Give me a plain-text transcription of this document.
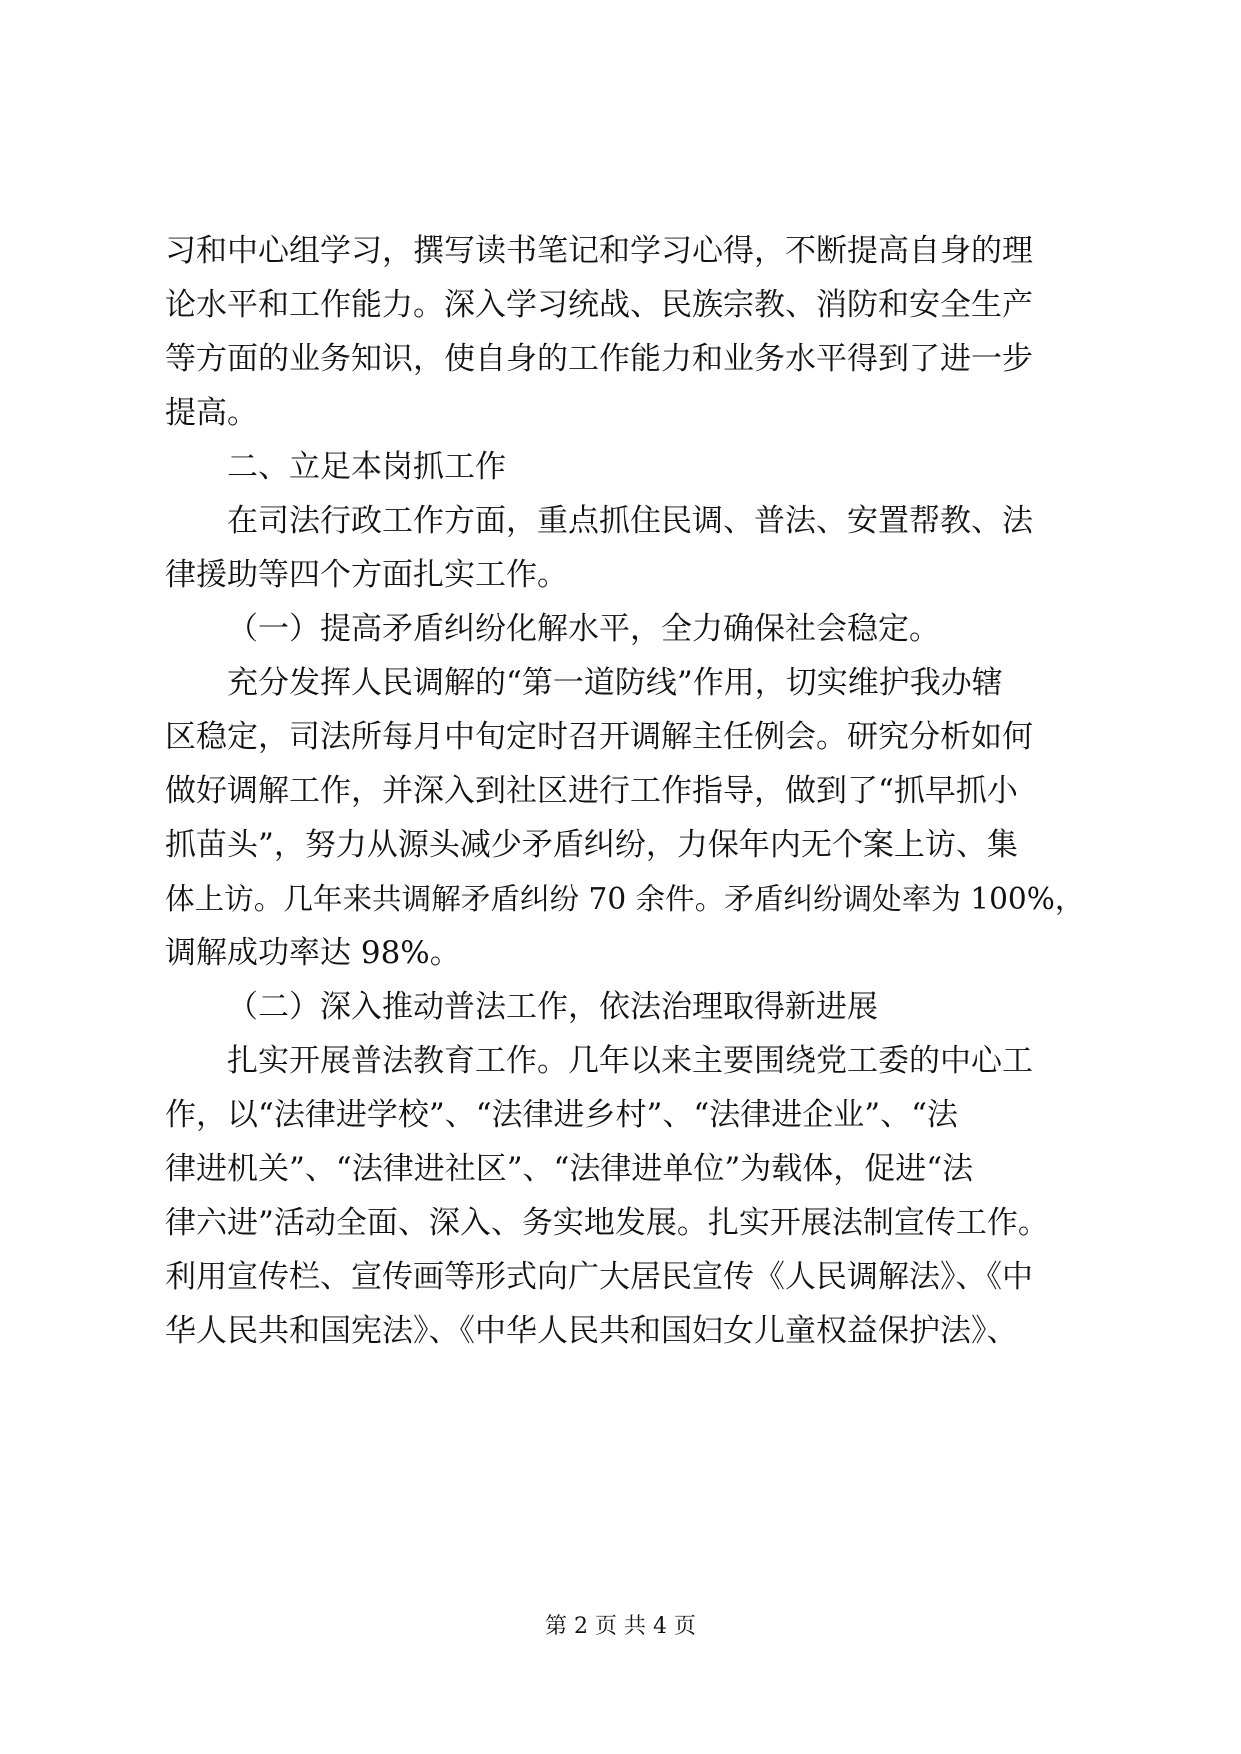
习和中心组学习，撰写读书笔记和学习心得，不断提高自身的理
论水平和工作能力。深入学习统战、民族宗教、消防和安全生产
等方面的业务知识，使自身的工作能力和业务水平得到了进一步
提高。
二、立足本岗抓工作
在司法行政工作方面，重点抓住民调、普法、安置帮教、法
律援助等四个方面扎实工作。
（一）提高矛盾纠纷化解水平，全力确保社会稳定。
充分发挥人民调解的“第一道防线”作用，切实维护我办辖
区稳定，司法所每月中旬定时召开调解主任例会。研究分析如何
做好调解工作，并深入到社区进行工作指导，做到了“抓早抓小
抓苗头”，努力从源头减少矛盾纠纷，力保年内无个案上访、集
体上访。几年来共调解矛盾纠纷 70 余件。矛盾纠纷调处率为 100%，
调解成功率达 98%。
（二）深入推动普法工作，依法治理取得新进展
扎实开展普法教育工作。几年以来主要围绕党工委的中心工
作，以“法律进学校”、“法律进乡村”、“法律进企业”、“法
律进机关”、“法律进社区”、“法律进单位”为载体，促进“法
律六进”活动全面、深入、务实地发展。扎实开展法制宣传工作。
利用宣传栏、宣传画等形式向广大居民宣传《人民调解法》、《中
华人民共和国宪法》、《中华人民共和国妇女儿童权益保护法》、
第 2 页 共 4 页
